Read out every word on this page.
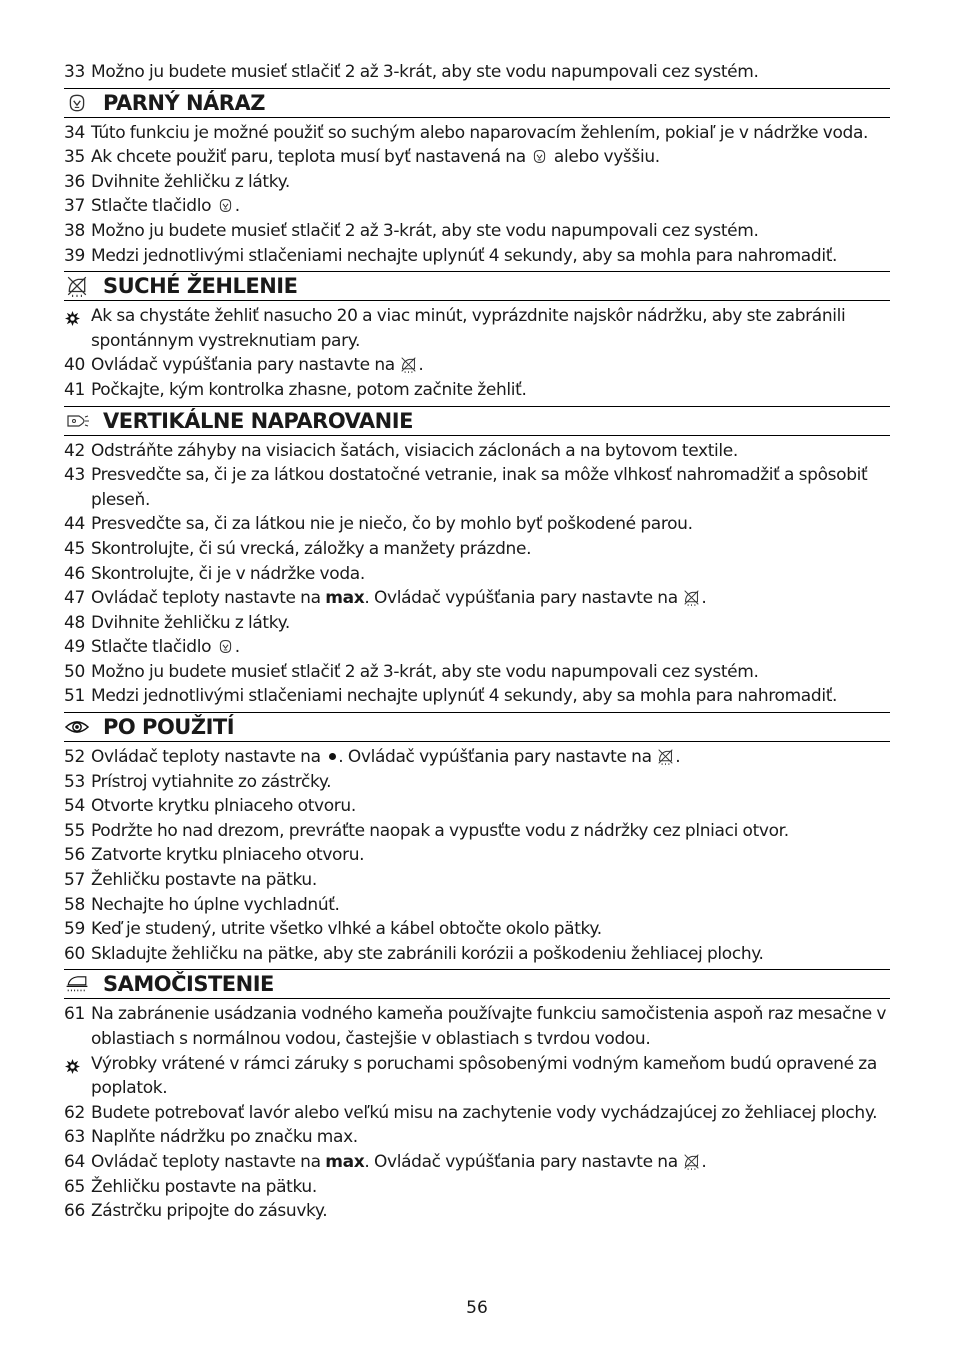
33 Možno ju budete musieť stlačiť 2 až 3-krát, aby ste vodu napumpovali cez systém.
PARNÝ NÁRAZ
34 Túto funkciu je možné použiť so suchým alebo naparovacím žehlením, pokiaľ je v nádržke voda.
35 Ak chcete použiť paru, teplota musí byť nastavená na  alebo vyššiu.
36 Dvihnite žehličku z látky.
37 Stlačte tlačidlo .
38 Možno ju budete musieť stlačiť 2 až 3-krát, aby ste vodu napumpovali cez systém.
39 Medzi jednotlivými stlačeniami nechajte uplynúť 4 sekundy, aby sa mohla para nahromadiť.
SUCHÉ ŽEHLENIE
Ak sa chystáte žehliť nasucho 20 a viac minút, vyprázdnite najskôr nádržku, aby ste zabránili spontánnym vystreknutiam pary.
40 Ovládač vypúšťania pary nastavte na .
41 Počkajte, kým kontrolka zhasne, potom začnite žehliť.
VERTIKÁLNE NAPAROVANIE
42 Odstráňte záhyby na visiacich šatách, visiacich záclonách a na bytovom textile.
43 Presvedčte sa, či je za látkou dostatočné vetranie, inak sa môže vlhkosť nahromadžiť a spôsobiť pleseň.
44 Presvedčte sa, či za látkou nie je niečo, čo by mohlo byť poškodené parou.
45 Skontrolujte, či sú vrecká, záložky a manžety prázdne.
46 Skontrolujte, či je v nádržke voda.
47 Ovládač teploty nastavte na max. Ovládač vypúšťania pary nastavte na .
48 Dvihnite žehličku z látky.
49 Stlačte tlačidlo .
50 Možno ju budete musieť stlačiť 2 až 3-krát, aby ste vodu napumpovali cez systém.
51 Medzi jednotlivými stlačeniami nechajte uplynúť 4 sekundy, aby sa mohla para nahromadiť.
PO POUŽITÍ
52 Ovládač teploty nastavte na . Ovládač vypúšťania pary nastavte na .
53 Prístroj vytiahnite zo zástrčky.
54 Otvorte krytku plniaceho otvoru.
55 Podržte ho nad drezom, prevráťte naopak a vypusťte vodu z nádržky cez plniaci otvor.
56 Zatvorte krytku plniaceho otvoru.
57 Žehličku postavte na pätku.
58 Nechajte ho úplne vychladnúť.
59 Keď je studený, utrite všetko vlhké a kábel obtočte okolo pätky.
60 Skladujte žehličku na pätke, aby ste zabránili korózii a poškodeniu žehliacej plochy.
SAMOČISTENIE
61 Na zabránenie usádzania vodného kameňa používajte funkciu samočistenia aspoň raz mesačne v oblastiach s normálnou vodou, častejšie v oblastiach s tvrdou vodou.
Výrobky vrátené v rámci záruky s poruchami spôsobenými vodným kameňom budú opravené za poplatok.
62 Budete potrebovať lavór alebo veľkú misu na zachytenie vody vychádzajúcej zo žehliacej plochy.
63 Naplňte nádržku po značku max.
64 Ovládač teploty nastavte na max. Ovládač vypúšťania pary nastavte na .
65 Žehličku postavte na pätku.
66 Zástrčku pripojte do zásuvky.
56
